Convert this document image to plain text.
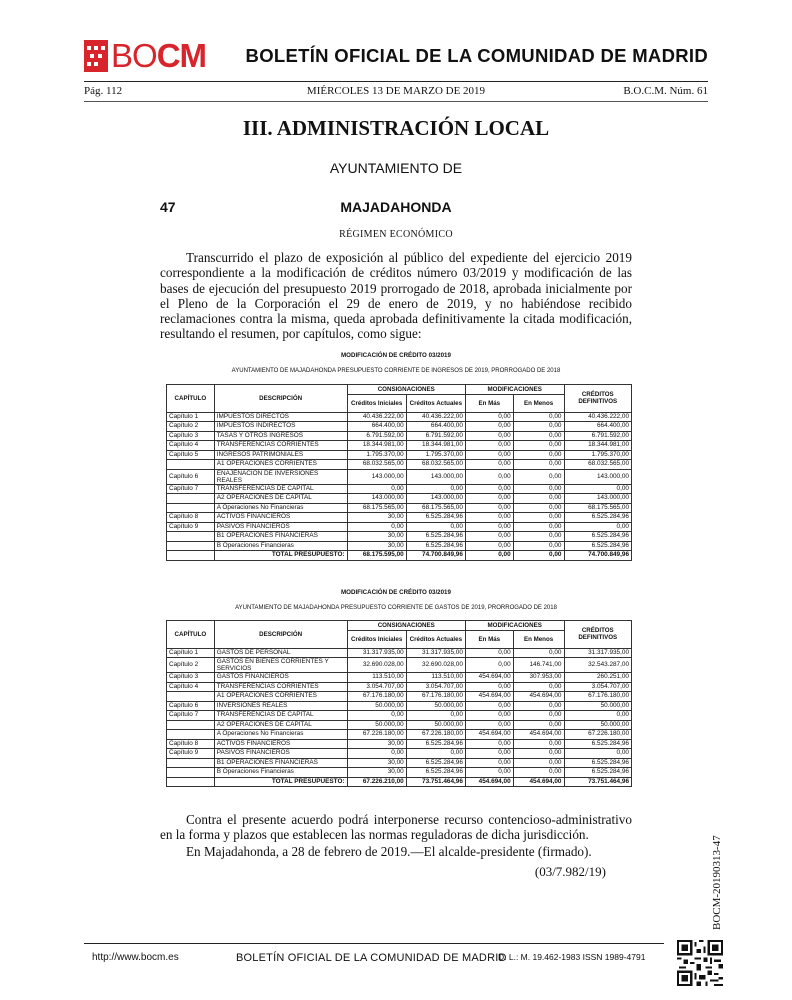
BOCM BOLETÍN OFICIAL DE LA COMUNIDAD DE MADRID
Pág. 112	MIÉRCOLES 13 DE MARZO DE 2019	B.O.C.M. Núm. 61
III. ADMINISTRACIÓN LOCAL
AYUNTAMIENTO DE
47	MAJADAHONDA
RÉGIMEN ECONÓMICO

Transcurrido el plazo de exposición al público del expediente del ejercicio 2019 correspondiente a la modificación de créditos número 03/2019 y modificación de las bases de ejecución del presupuesto 2019 prorrogado de 2018, aprobada inicialmente por el Pleno de la Corporación el 29 de enero de 2019, y no habiéndose recibido reclamaciones contra la misma, queda aprobada definitivamente la citada modificación, resultando el resumen, por capítulos, como sigue:

MODIFICACIÓN DE CRÉDITO 03/2019
AYUNTAMIENTO DE MAJADAHONDA PRESUPUESTO CORRIENTE DE INGRESOS DE 2019, PRORROGADO DE 2018
CAPÍTULO	DESCRIPCIÓN	CONSIGNACIONES		MODIFICACIONES		CRÉDITOS DEFINITIVOS
		Créditos Iniciales	Créditos Actuales	En Más	En Menos	
Capítulo 1	IMPUESTOS DIRECTOS	40.436.222,00	40.436.222,00	0,00	0,00	40.436.222,00
Capítulo 2	IMPUESTOS INDIRECTOS	664.400,00	664.400,00	0,00	0,00	664.400,00
Capítulo 3	TASAS Y OTROS INGRESOS	6.791.592,00	6.791.592,00	0,00	0,00	6.791.592,00
Capítulo 4	TRANSFERENCIAS CORRIENTES	18.344.981,00	18.344.981,00	0,00	0,00	18.344.981,00
Capítulo 5	INGRESOS PATRIMONIALES	1.795.370,00	1.795.370,00	0,00	0,00	1.795.370,00
	A1 OPERACIONES CORRIENTES	68.032.565,00	68.032.565,00	0,00	0,00	68.032.565,00
Capítulo 6	ENAJENACIÓN DE INVERSIONES REALES	143.000,00	143.000,00	0,00	0,00	143.000,00
Capítulo 7	TRANSFERENCIAS DE CAPITAL	0,00	0,00	0,00	0,00	0,00
	A2 OPERACIONES DE CAPITAL	143.000,00	143.000,00	0,00	0,00	143.000,00
	A Operaciones No Financieras	68.175.565,00	68.175.565,00	0,00	0,00	68.175.565,00
Capítulo 8	ACTIVOS FINANCIEROS	30,00	6.525.284,96	0,00	0,00	6.525.284,96
Capítulo 9	PASIVOS FINANCIEROS	0,00	0,00	0,00	0,00	0,00
	B1 OPERACIONES FINANCIERAS	30,00	6.525.284,96	0,00	0,00	6.525.284,96
	B Operaciones Financieras	30,00	6.525.284,96	0,00	0,00	6.525.284,96
	TOTAL PRESUPUESTO:	68.175.595,00	74.700.849,96	0,00	0,00	74.700.849,96
MODIFICACIÓN DE CRÉDITO 03/2019
AYUNTAMIENTO DE MAJADAHONDA PRESUPUESTO CORRIENTE DE GASTOS DE 2019, PRORROGADO DE 2018
CAPÍTULO	DESCRIPCIÓN	CONSIGNACIONES		MODIFICACIONES		CRÉDITOS DEFINITIVOS
		Créditos Iniciales	Créditos Actuales	En Más	En Menos	
Capítulo 1	GASTOS DE PERSONAL	31.317.935,00	31.317.935,00	0,00	0,00	31.317.935,00
Capítulo 2	GASTOS EN BIENES CORRIENTES Y SERVICIOS	32.690.028,00	32.690.028,00	0,00	146.741,00	32.543.287,00
Capítulo 3	GASTOS FINANCIEROS	113.510,00	113.510,00	454.694,00	307.953,00	260.251,00
Capítulo 4	TRANSFERENCIAS CORRIENTES	3.054.707,00	3.054.707,00	0,00	0,00	3.054.707,00
	A1 OPERACIONES CORRIENTES	67.176.180,00	67.176.180,00	454.694,00	454.694,00	67.176.180,00
Capítulo 6	INVERSIONES REALES	50.000,00	50.000,00	0,00	0,00	50.000,00
Capítulo 7	TRANSFERENCIAS DE CAPITAL	0,00	0,00	0,00	0,00	0,00
	A2 OPERACIONES DE CAPITAL	50.000,00	50.000,00	0,00	0,00	50.000,00
	A Operaciones No Financieras	67.226.180,00	67.226.180,00	454.694,00	454.694,00	67.226.180,00
Capítulo 8	ACTIVOS FINANCIEROS	30,00	6.525.284,96	0,00	0,00	6.525.284,96
Capítulo 9	PASIVOS FINANCIEROS	0,00	0,00	0,00	0,00	0,00
	B1 OPERACIONES FINANCIERAS	30,00	6.525.284,96	0,00	0,00	6.525.284,96
	B Operaciones Financieras	30,00	6.525.284,96	0,00	0,00	6.525.284,96
	TOTAL PRESUPUESTO:	67.226.210,00	73.751.464,96	454.694,00	454.694,00	73.751.464,96

Contra el presente acuerdo podrá interponerse recurso contencioso-administrativo en la forma y plazos que establecen las normas reguladoras de dicha jurisdicción.

En Majadahonda, a 28 de febrero de 2019.—El alcalde-presidente (firmado).

(03/7.982/19)	BOCM-20190313-47
http://www.bocm.es	BOLETÍN OFICIAL DE LA COMUNIDAD DE MADRID
D. L.: M. 19.462-1983 ISSN 1989-4791
